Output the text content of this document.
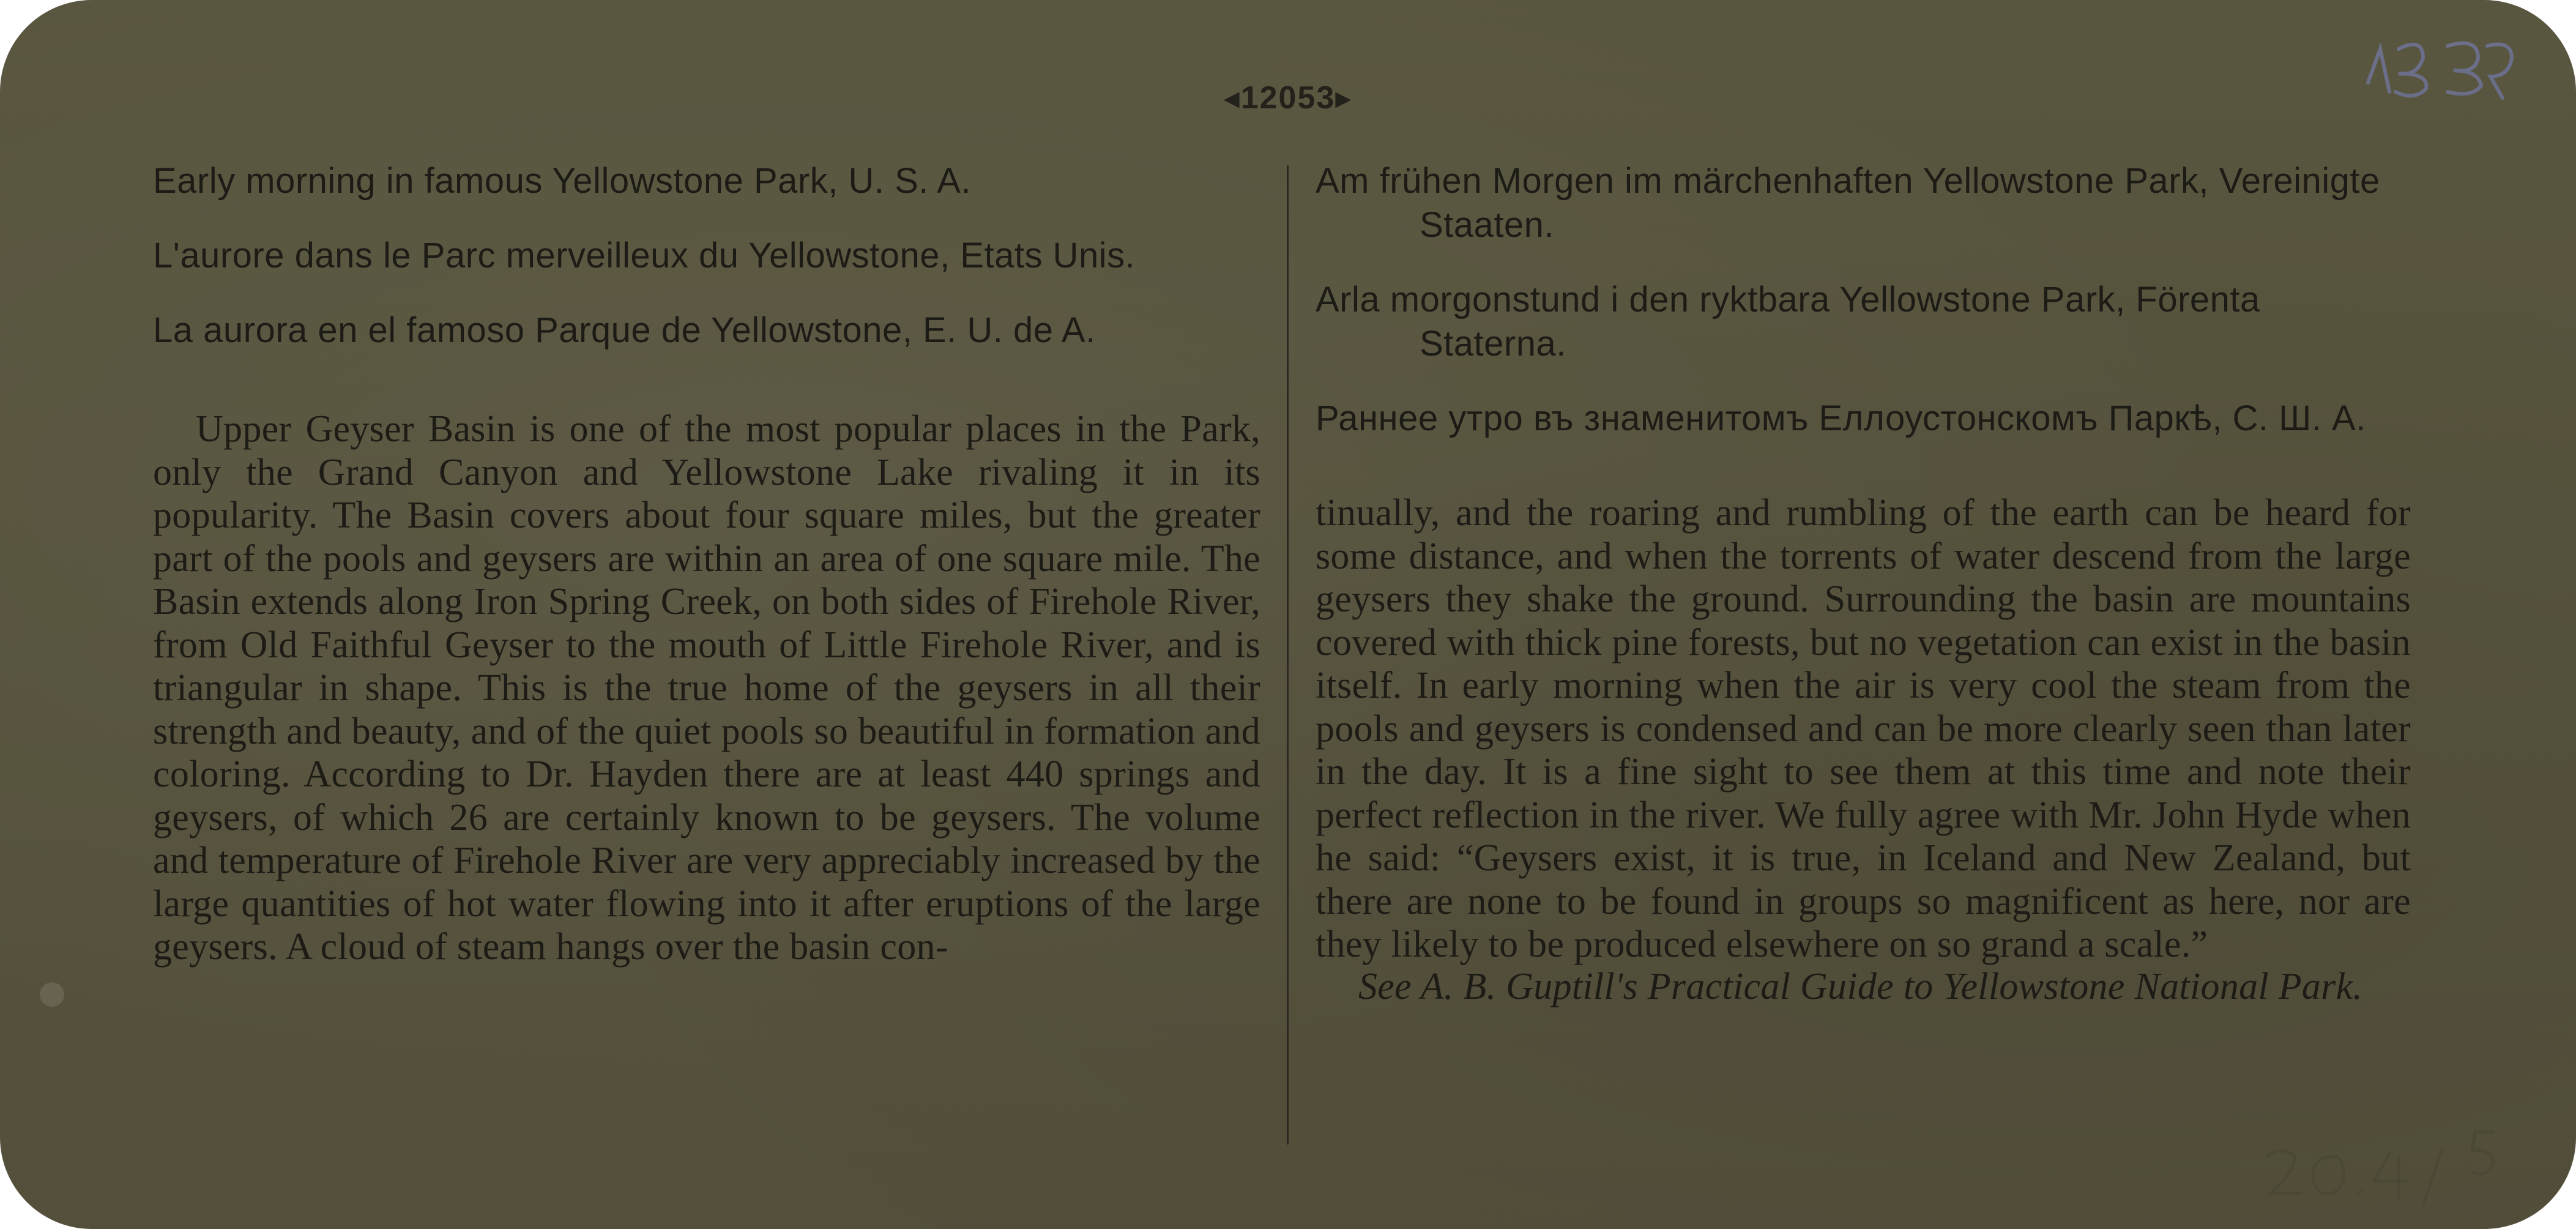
◂12053▸

Early morning in famous Yellowstone Park, U. S. A.

L'aurore dans le Parc merveilleux du Yellowstone, Etats Unis.

La aurora en el famoso Parque de Yellowstone, E. U. de A.

Upper Geyser Basin is one of the most popular places in the Park, only the Grand Canyon and Yellowstone Lake rivaling it in its popularity. The Basin covers about four square miles, but the greater part of the pools and geysers are within an area of one square mile. The Basin extends along Iron Spring Creek, on both sides of Firehole River, from Old Faithful Geyser to the mouth of Little Firehole River, and is triangular in shape. This is the true home of the geysers in all their strength and beauty, and of the quiet pools so beautiful in formation and coloring. According to Dr. Hayden there are at least 440 springs and geysers, of which 26 are certainly known to be geysers. The volume and temperature of Firehole River are very appreciably increased by the large quantities of hot water flowing into it after eruptions of the large geysers. A cloud of steam hangs over the basin con-

Am frühen Morgen im märchenhaften Yellowstone Park, Vereinigte Staaten.

Arla morgonstund i den ryktbara Yellowstone Park, Förenta Staterna.

Раннее утро въ знаменитомъ Еллоустонскомъ Паркѣ, С. Ш. А.

tinually, and the roaring and rumbling of the earth can be heard for some distance, and when the torrents of water descend from the large geysers they shake the ground. Surrounding the basin are mountains covered with thick pine forests, but no vegetation can exist in the basin itself. In early morning when the air is very cool the steam from the pools and geysers is condensed and can be more clearly seen than later in the day. It is a fine sight to see them at this time and note their perfect reflection in the river. We fully agree with Mr. John Hyde when he said: “Geysers exist, it is true, in Iceland and New Zealand, but there are none to be found in groups so magnificent as here, nor are they likely to be produced elsewhere on so grand a scale.”

See A. B. Guptill's Practical Guide to Yellowstone National Park.
